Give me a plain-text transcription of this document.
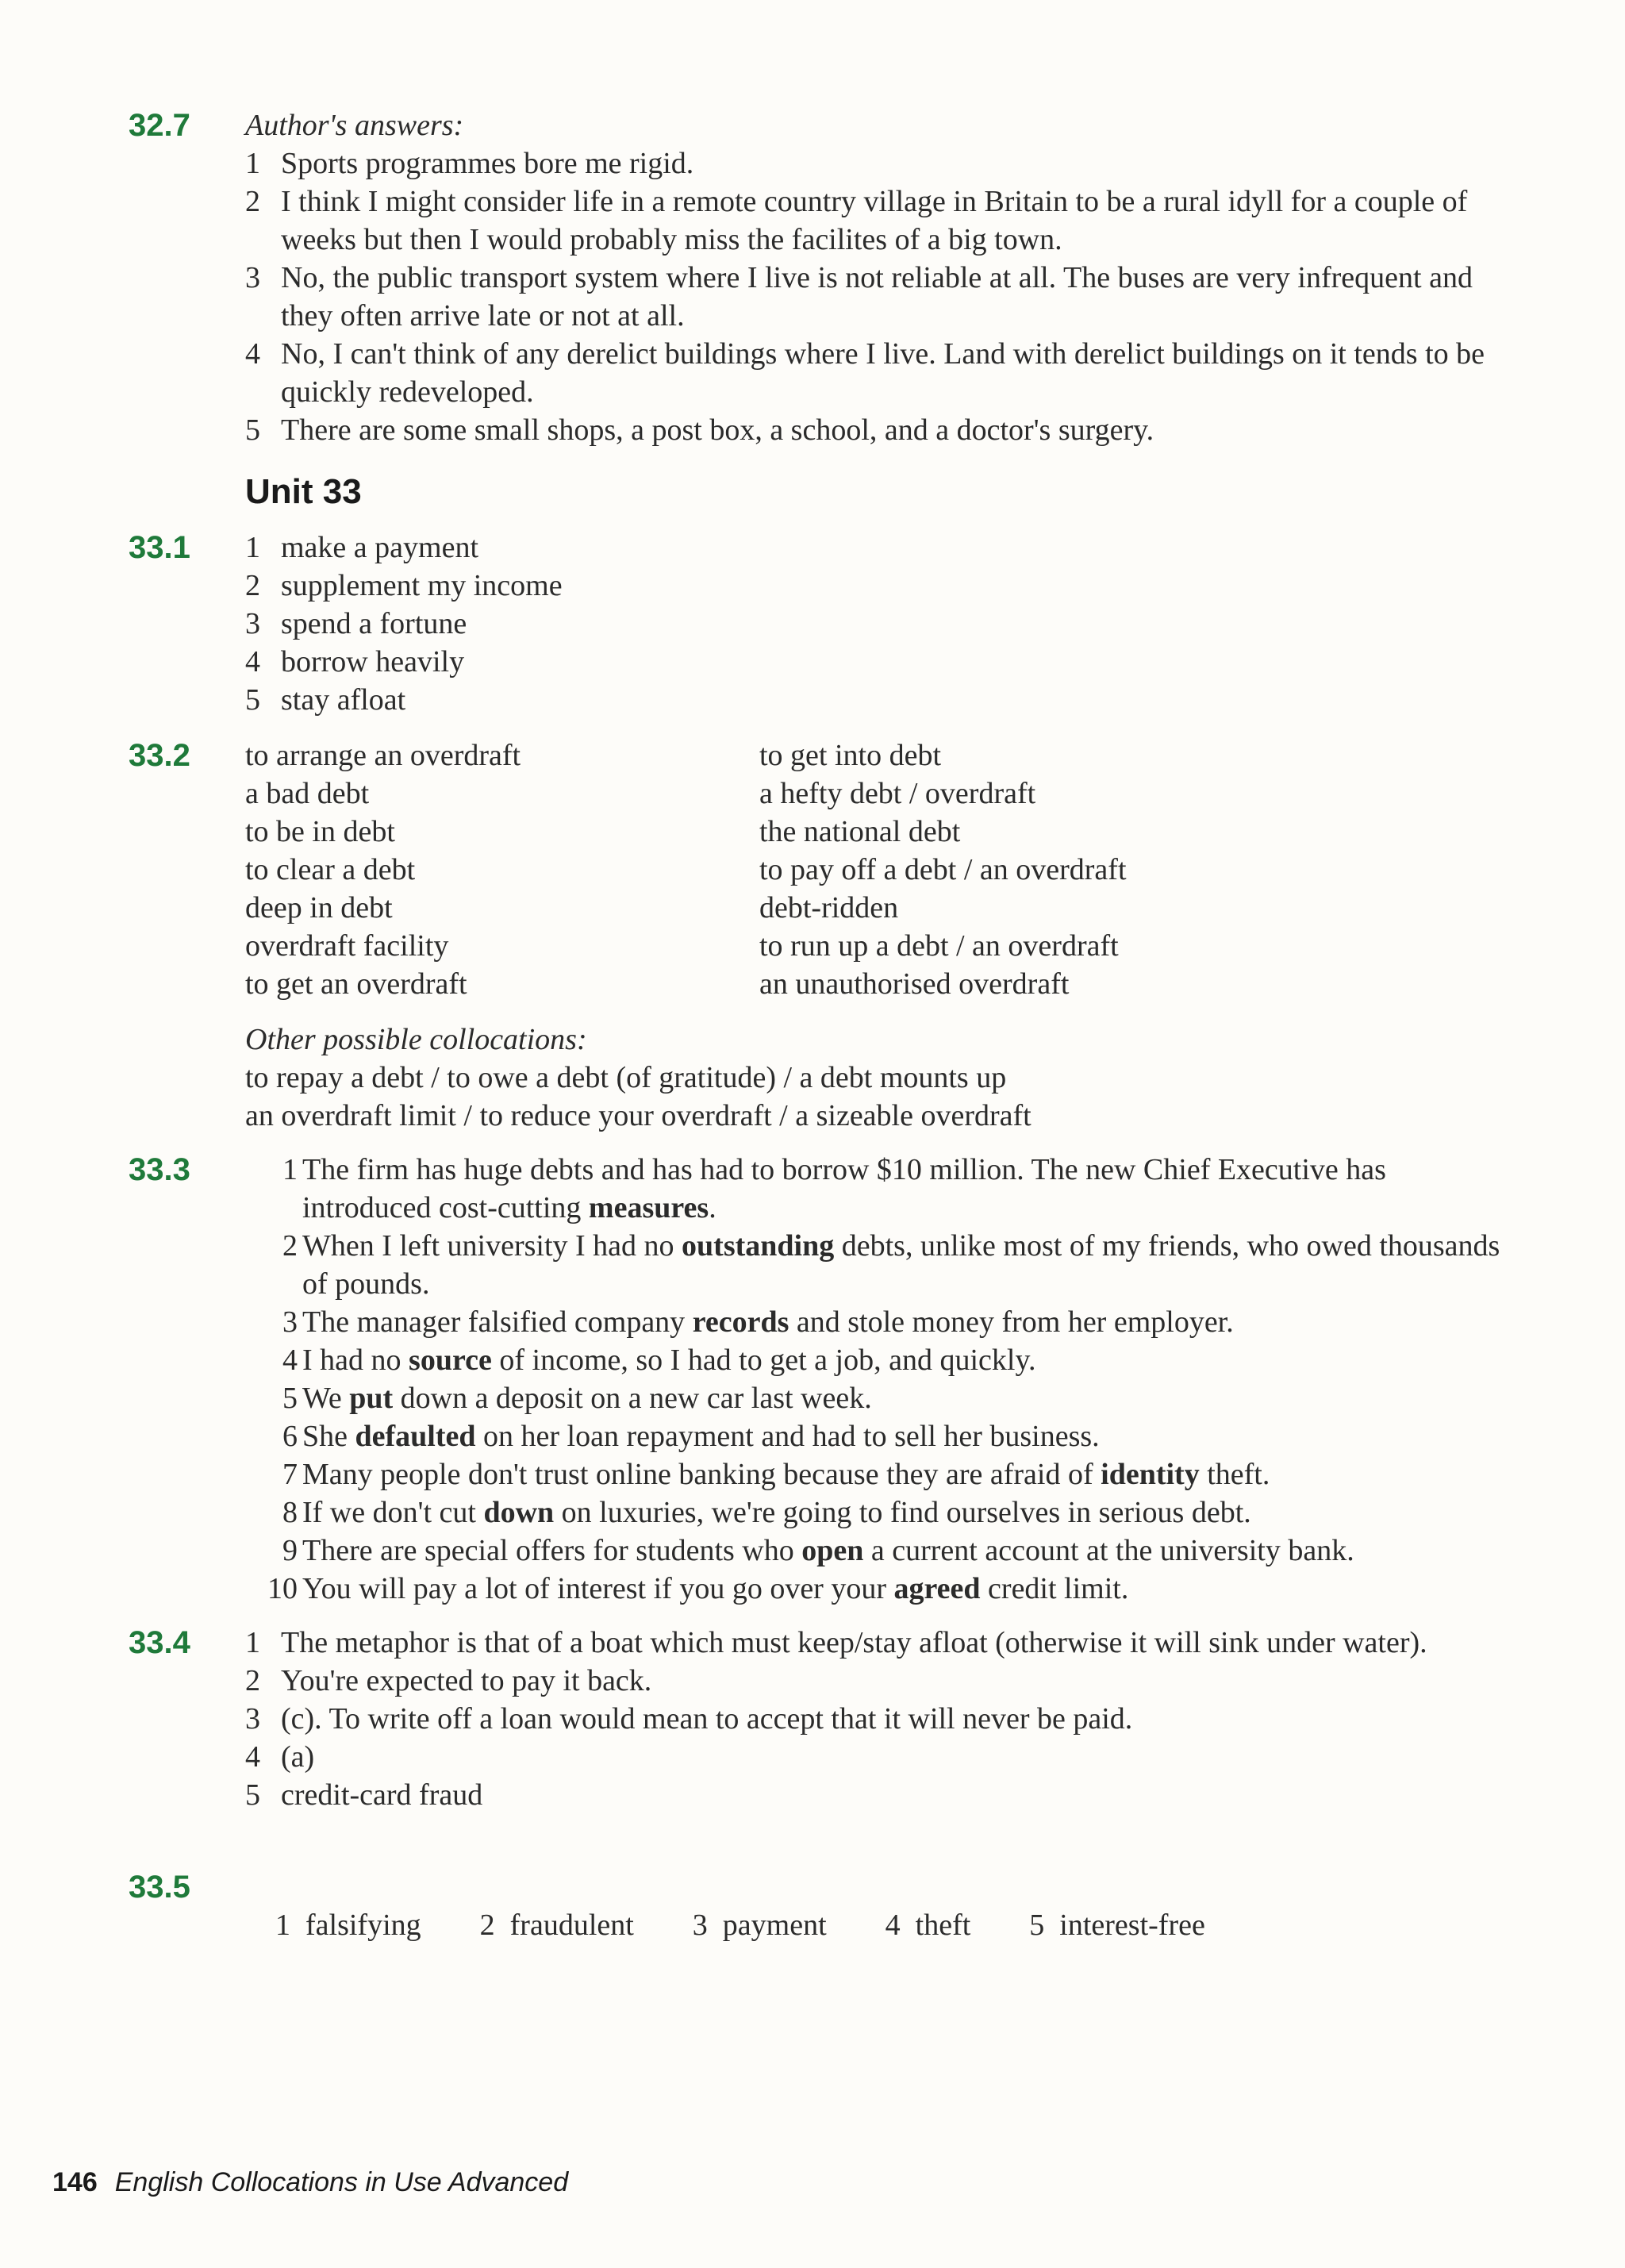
32.7 Author's answers:
1 Sports programmes bore me rigid.
2 I think I might consider life in a remote country village in Britain to be a rural idyll for a couple of weeks but then I would probably miss the facilites of a big town.
3 No, the public transport system where I live is not reliable at all. The buses are very infrequent and they often arrive late or not at all.
4 No, I can't think of any derelict buildings where I live. Land with derelict buildings on it tends to be quickly redeveloped.
5 There are some small shops, a post box, a school, and a doctor's surgery.
Unit 33
33.1 1 make a payment
2 supplement my income
3 spend a fortune
4 borrow heavily
5 stay afloat
33.2 to arrange an overdraft
a bad debt
to be in debt
to clear a debt
deep in debt
overdraft facility
to get an overdraft
to get into debt
a hefty debt / overdraft
the national debt
to pay off a debt / an overdraft
debt-ridden
to run up a debt / an overdraft
an unauthorised overdraft
Other possible collocations:
to repay a debt / to owe a debt (of gratitude) / a debt mounts up
an overdraft limit / to reduce your overdraft / a sizeable overdraft
33.3	1 The firm has huge debts and has had to borrow $10 million. The new Chief Executive has introduced cost-cutting measures.
2 When I left university I had no outstanding debts, unlike most of my friends, who owed thousands of pounds.
3 The manager falsified company records and stole money from her employer.
4 I had no source of income, so I had to get a job, and quickly.
5 We put down a deposit on a new car last week.
6 She defaulted on her loan repayment and had to sell her business.
7 Many people don't trust online banking because they are afraid of identity theft.
8 If we don't cut down on luxuries, we're going to find ourselves in serious debt.
9 There are special offers for students who open a current account at the university bank.
10 You will pay a lot of interest if you go over your agreed credit limit.
33.4 1 The metaphor is that of a boat which must keep/stay afloat (otherwise it will sink under water).
2 You're expected to pay it back.
3 (c). To write off a loan would mean to accept that it will never be paid.
4 (a)
5 credit-card fraud
33.5

1  falsifying 2  fraudulent 3  payment 4  theft 5  interest-free

146 English Collocations in Use Advanced
